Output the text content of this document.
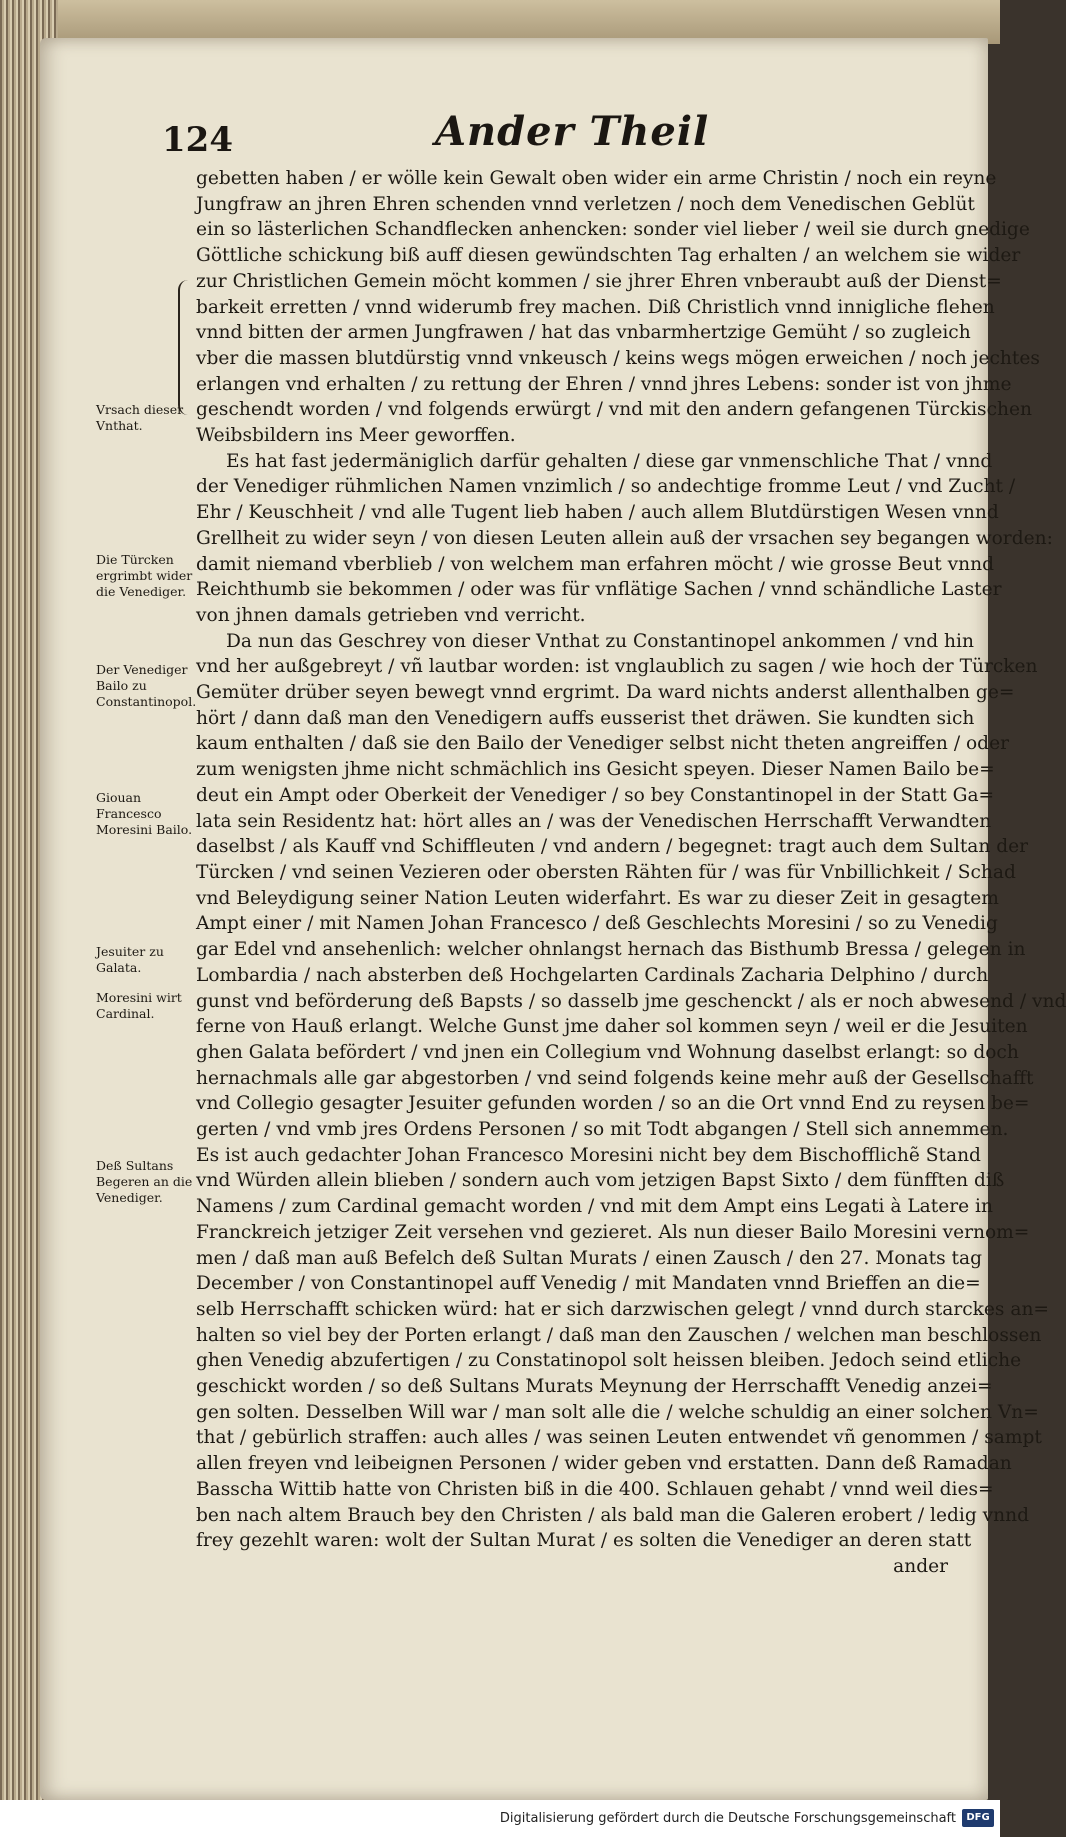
124	Ander Theil
gebetten haben / er wölle kein Gewalt oben wider ein arme Christin / noch ein reyne
Jungfraw an jhren Ehren schenden vnnd verletzen / noch dem Venedischen Geblüt
ein so lästerlichen Schandflecken anhencken: sonder viel lieber / weil sie durch gnedige
Göttliche schickung biß auff diesen gewündschten Tag erhalten / an welchem sie wider
zur Christlichen Gemein möcht kommen / sie jhrer Ehren vnberaubt auß der Dienst=
barkeit erretten / vnnd widerumb frey machen. Diß Christlich vnnd innigliche flehen
vnnd bitten der armen Jungfrawen / hat das vnbarmhertzige Gemüht / so zugleich
vber die massen blutdürstig vnnd vnkeusch / keins wegs mögen erweichen / noch jechtes
erlangen vnd erhalten / zu rettung der Ehren / vnnd jhres Lebens: sonder ist von jhme
geschendt worden / vnd folgends erwürgt / vnd mit den andern gefangenen Türckischen
Weibsbildern ins Meer geworffen.
Es hat fast jedermäniglich darfür gehalten / diese gar vnmenschliche That / vnnd
der Venediger rühmlichen Namen vnzimlich / so andechtige fromme Leut / vnd Zucht /
Ehr / Keuschheit / vnd alle Tugent lieb haben / auch allem Blutdürstigen Wesen vnnd
Grellheit zu wider seyn / von diesen Leuten allein auß der vrsachen sey begangen worden:
damit niemand vberblieb / von welchem man erfahren möcht / wie grosse Beut vnnd
Reichthumb sie bekommen / oder was für vnflätige Sachen / vnnd schändliche Laster
von jhnen damals getrieben vnd verricht.
Da nun das Geschrey von dieser Vnthat zu Constantinopel ankommen / vnd hin
vnd her außgebreyt / vñ lautbar worden: ist vnglaublich zu sagen / wie hoch der Türcken
Gemüter drüber seyen bewegt vnnd ergrimt. Da ward nichts anderst allenthalben ge=
hört / dann daß man den Venedigern auffs eusserist thet dräwen. Sie kundten sich
kaum enthalten / daß sie den Bailo der Venediger selbst nicht theten angreiffen / oder
zum wenigsten jhme nicht schmächlich ins Gesicht speyen. Dieser Namen Bailo be=
deut ein Ampt oder Oberkeit der Venediger / so bey Constantinopel in der Statt Ga=
lata sein Residentz hat: hört alles an / was der Venedischen Herrschafft Verwandten
daselbst / als Kauff vnd Schiffleuten / vnd andern / begegnet: tragt auch dem Sultan der
Türcken / vnd seinen Vezieren oder obersten Rähten für / was für Vnbillichkeit / Schad
vnd Beleydigung seiner Nation Leuten widerfahrt. Es war zu dieser Zeit in gesagtem
Ampt einer / mit Namen Johan Francesco / deß Geschlechts Moresini / so zu Venedig
gar Edel vnd ansehenlich: welcher ohnlangst hernach das Bisthumb Bressa / gelegen in
Lombardia / nach absterben deß Hochgelarten Cardinals Zacharia Delphino / durch
gunst vnd beförderung deß Bapsts / so dasselb jme geschenckt / als er noch abwesend / vnd
ferne von Hauß erlangt. Welche Gunst jme daher sol kommen seyn / weil er die Jesuiten
ghen Galata befördert / vnd jnen ein Collegium vnd Wohnung daselbst erlangt: so doch
hernachmals alle gar abgestorben / vnd seind folgends keine mehr auß der Gesellschafft
vnd Collegio gesagter Jesuiter gefunden worden / so an die Ort vnnd End zu reysen be=
gerten / vnd vmb jres Ordens Personen / so mit Todt abgangen / Stell sich annemmen.
Es ist auch gedachter Johan Francesco Moresini nicht bey dem Bischofflichẽ Stand
vnd Würden allein blieben / sondern auch vom jetzigen Bapst Sixto / dem fünfften diß
Namens / zum Cardinal gemacht worden / vnd mit dem Ampt eins Legati à Latere in
Franckreich jetziger Zeit versehen vnd gezieret. Als nun dieser Bailo Moresini vernom=
men / daß man auß Befelch deß Sultan Murats / einen Zausch / den 27. Monats tag
December / von Constantinopel auff Venedig / mit Mandaten vnnd Brieffen an die=
selb Herrschafft schicken würd: hat er sich darzwischen gelegt / vnnd durch starckes an=
halten so viel bey der Porten erlangt / daß man den Zauschen / welchen man beschlossen
ghen Venedig abzufertigen / zu Constatinopol solt heissen bleiben. Jedoch seind etliche
geschickt worden / so deß Sultans Murats Meynung der Herrschafft Venedig anzei=
gen solten. Desselben Will war / man solt alle die / welche schuldig an einer solchen Vn=
that / gebürlich straffen: auch alles / was seinen Leuten entwendet vñ genommen / sampt
allen freyen vnd leibeignen Personen / wider geben vnd erstatten. Dann deß Ramadan
Basscha Wittib hatte von Christen biß in die 400. Schlauen gehabt / vnnd weil dies=
ben nach altem Brauch bey den Christen / als bald man die Galeren erobert / ledig vnnd
frey gezehlt waren: wolt der Sultan Murat / es solten die Venediger an deren statt
ander
Vrsach dieser Vnthat.
Die Türcken ergrimbt wider die Venediger.
Der Venediger Bailo zu Constantinopol.
Giouan Francesco Moresini Bailo.
Jesuiter zu Galata.
Moresini wirt Cardinal.
Deß Sultans Begeren an die Venediger.
Digitalisierung gefördert durch die Deutsche Forschungsgemeinschaft	DFG
